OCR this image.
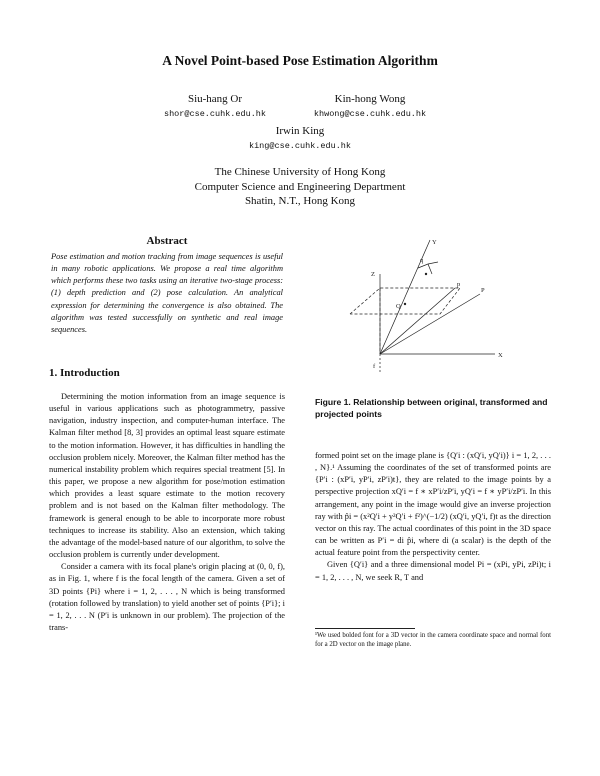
A Novel Point-based Pose Estimation Algorithm
Siu-hang Or
shor@cse.cuhk.edu.hk
Kin-hong Wong
khwong@cse.cuhk.edu.hk
Irwin King
king@cse.cuhk.edu.hk
The Chinese University of Hong Kong
Computer Science and Engineering Department
Shatin, N.T., Hong Kong
Abstract
Pose estimation and motion tracking from image sequences is useful in many robotic applications. We propose a real time algorithm which performs these two tasks using an iterative two-stage process: (1) depth prediction and (2) pose calculation. An analytical expression for determining the convergence is also obtained. The algorithm was tested successfully on synthetic and real image sequences.
1. Introduction

Determining the motion information from an image sequence is useful in various applications such as photogrammetry, passive navigation, industry inspection, and computer-human interface. The Kalman filter method [8, 3] provides an optimal least square estimate to the motion information. However, it has difficulties in handling the occlusion problem nicely. Moreover, the Kalman filter method has the numerical instability problem which requires special treatment [5]. In this paper, we propose a new algorithm for pose/motion estimation which provides a least square estimate to the motion recovery problem and is not based on the Kalman filter methodology. The framework is general enough to be able to incorporate more robust techniques to increase its stability. Also an extension, which taking the advantage of the model-based nature of our algorithm, to solve the occlusion problem is currently under development.

Consider a camera with its focal plane's origin placing at (0, 0, f), as in Fig. 1, where f is the focal length of the camera. Given a set of 3D points {Pi} where i = 1, 2, . . . , N which is being transformed (rotation followed by translation) to yield another set of points {P′i}; i = 1, 2, . . . N (P′i is unknown in our problem). The projection of the trans-

Y
Z
X
f
p
q
Q
P
Figure 1. Relationship between original, transformed and projected points

formed point set on the image plane is {Q′i : (xQ′i, yQ′i)} i = 1, 2, . . . , N}.¹ Assuming the coordinates of the set of transformed points are {P′i : (xP′i, yP′i, zP′i)t}, they are related to the image points by a perspective projection xQ′i = f ∗ xP′i/zP′i, yQ′i = f ∗ yP′i/zP′i. In this arrangement, any point in the image would give an inverse projection ray with p̂i = (x²Q′i + y²Q′i + f²)^(−1/2) (xQ′i, yQ′i, f)t as the direction vector on this ray. The actual coordinates of this point in the 3D space can be written as P′i = di p̂i, where di (a scalar) is the depth of the actual feature point from the perspectivity center.

Given {Q′i} and a three dimensional model Pi = (xPi, yPi, zPi)t; i = 1, 2, . . . , N, we seek R, T and

¹We used bolded font for a 3D vector in the camera coordinate space and normal font for a 2D vector on the image plane.
